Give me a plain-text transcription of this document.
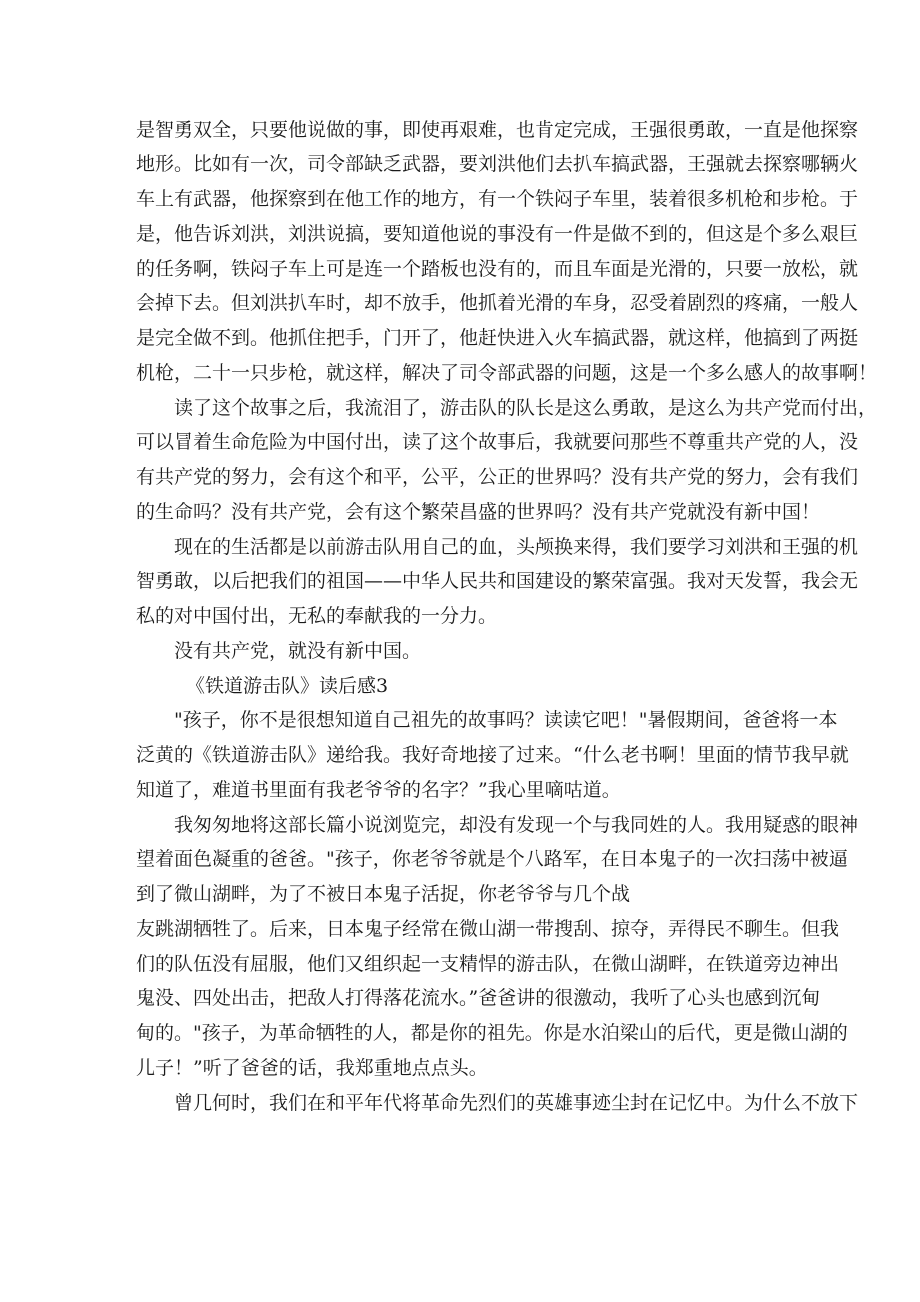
是智勇双全，只要他说做的事，即使再艰难，也肯定完成，王强很勇敢，一直是他探察
地形。比如有一次，司令部缺乏武器，要刘洪他们去扒车搞武器，王强就去探察哪辆火
车上有武器，他探察到在他工作的地方，有一个铁闷子车里，装着很多机枪和步枪。于
是，他告诉刘洪，刘洪说搞，要知道他说的事没有一件是做不到的，但这是个多么艰巨
的任务啊，铁闷子车上可是连一个踏板也没有的，而且车面是光滑的，只要一放松，就
会掉下去。但刘洪扒车时，却不放手，他抓着光滑的车身，忍受着剧烈的疼痛，一般人
是完全做不到。他抓住把手，门开了，他赶快进入火车搞武器，就这样，他搞到了两挺
机枪，二十一只步枪，就这样，解决了司令部武器的问题，这是一个多么感人的故事啊！
读了这个故事之后，我流泪了，游击队的队长是这么勇敢，是这么为共产党而付出，
可以冒着生命危险为中国付出，读了这个故事后，我就要问那些不尊重共产党的人，没
有共产党的努力，会有这个和平，公平，公正的世界吗？没有共产党的努力，会有我们
的生命吗？没有共产党，会有这个繁荣昌盛的世界吗？没有共产党就没有新中国！
现在的生活都是以前游击队用自己的血，头颅换来得，我们要学习刘洪和王强的机
智勇敢，以后把我们的祖国——中华人民共和国建设的繁荣富强。我对天发誓，我会无
私的对中国付出，无私的奉献我的一分力。
没有共产党，就没有新中国。
《铁道游击队》读后感3
"孩子，你不是很想知道自己祖先的故事吗？读读它吧！"暑假期间，爸爸将一本
泛黄的《铁道游击队》递给我。我好奇地接了过来。“什么老书啊！里面的情节我早就
知道了，难道书里面有我老爷爷的名字？”我心里嘀咕道。
我匆匆地将这部长篇小说浏览完，却没有发现一个与我同姓的人。我用疑惑的眼神
望着面色凝重的爸爸。"孩子，你老爷爷就是个八路军，在日本鬼子的一次扫荡中被逼
到了微山湖畔，为了不被日本鬼子活捉，你老爷爷与几个战
友跳湖牺牲了。后来，日本鬼子经常在微山湖一带搜刮、掠夺，弄得民不聊生。但我
们的队伍没有屈服，他们又组织起一支精悍的游击队，在微山湖畔，在铁道旁边神出
鬼没、四处出击，把敌人打得落花流水。”爸爸讲的很激动，我听了心头也感到沉甸
甸的。"孩子，为革命牺牲的人，都是你的祖先。你是水泊梁山的后代，更是微山湖的
儿子！”听了爸爸的话，我郑重地点点头。
曾几何时，我们在和平年代将革命先烈们的英雄事迹尘封在记忆中。为什么不放下
